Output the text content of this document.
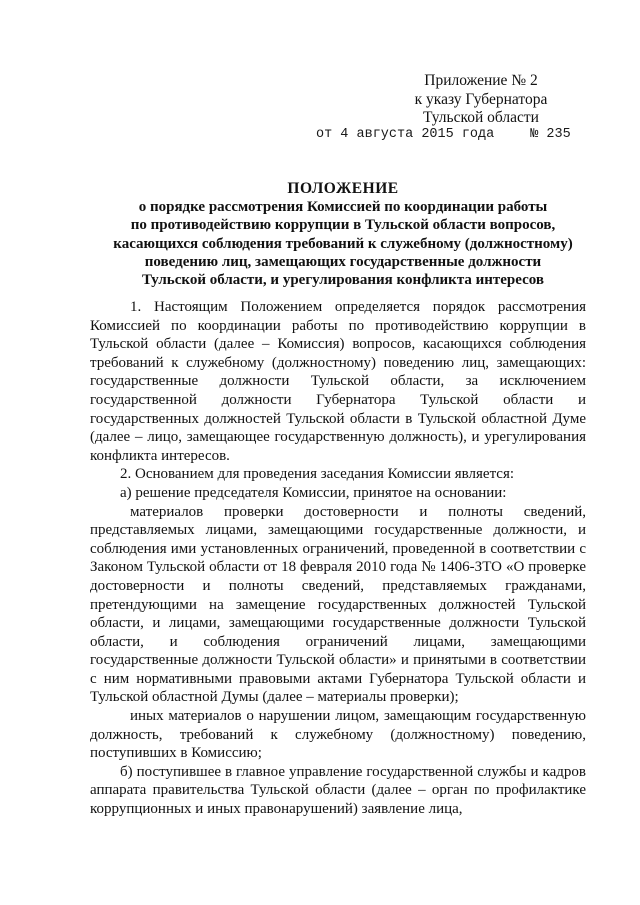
Приложение № 2
к указу Губернатора
Тульской области
от 4 августа 2015 года	№ 235
ПОЛОЖЕНИЕ
о порядке рассмотрения Комиссией по координации работы
по противодействию коррупции в Тульской области вопросов,
касающихся соблюдения требований к служебному (должностному)
поведению лиц, замещающих государственные должности
Тульской области, и урегулирования конфликта интересов

1. Настоящим Положением определяется порядок рассмотрения Комиссией по координации работы по противодействию коррупции в Тульской области (далее – Комиссия) вопросов, касающихся соблюдения требований к служебному (должностному) поведению лиц, замещающих: государственные должности Тульской области, за исключением государственной должности Губернатора Тульской области и государственных должностей Тульской области в Тульской областной Думе (далее – лицо, замещающее государственную должность), и урегулирования конфликта интересов.

2. Основанием для проведения заседания Комиссии является:

а) решение председателя Комиссии, принятое на основании:

материалов проверки достоверности и полноты сведений, представляемых лицами, замещающими государственные должности, и соблюдения ими установленных ограничений, проведенной в соответствии с Законом Тульской области от 18 февраля 2010 года № 1406-ЗТО «О проверке достоверности и полноты сведений, представляемых гражданами, претендующими на замещение государственных должностей Тульской области, и лицами, замещающими государственные должности Тульской области, и соблюдения ограничений лицами, замещающими государственные должности Тульской области» и принятыми в соответствии с ним нормативными правовыми актами Губернатора Тульской области и Тульской областной Думы (далее – материалы проверки);

иных материалов о нарушении лицом, замещающим государственную должность, требований к служебному (должностному) поведению, поступивших в Комиссию;

б) поступившее в главное управление государственной службы и кадров аппарата правительства Тульской области (далее – орган по профилактике коррупционных и иных правонарушений) заявление лица,
